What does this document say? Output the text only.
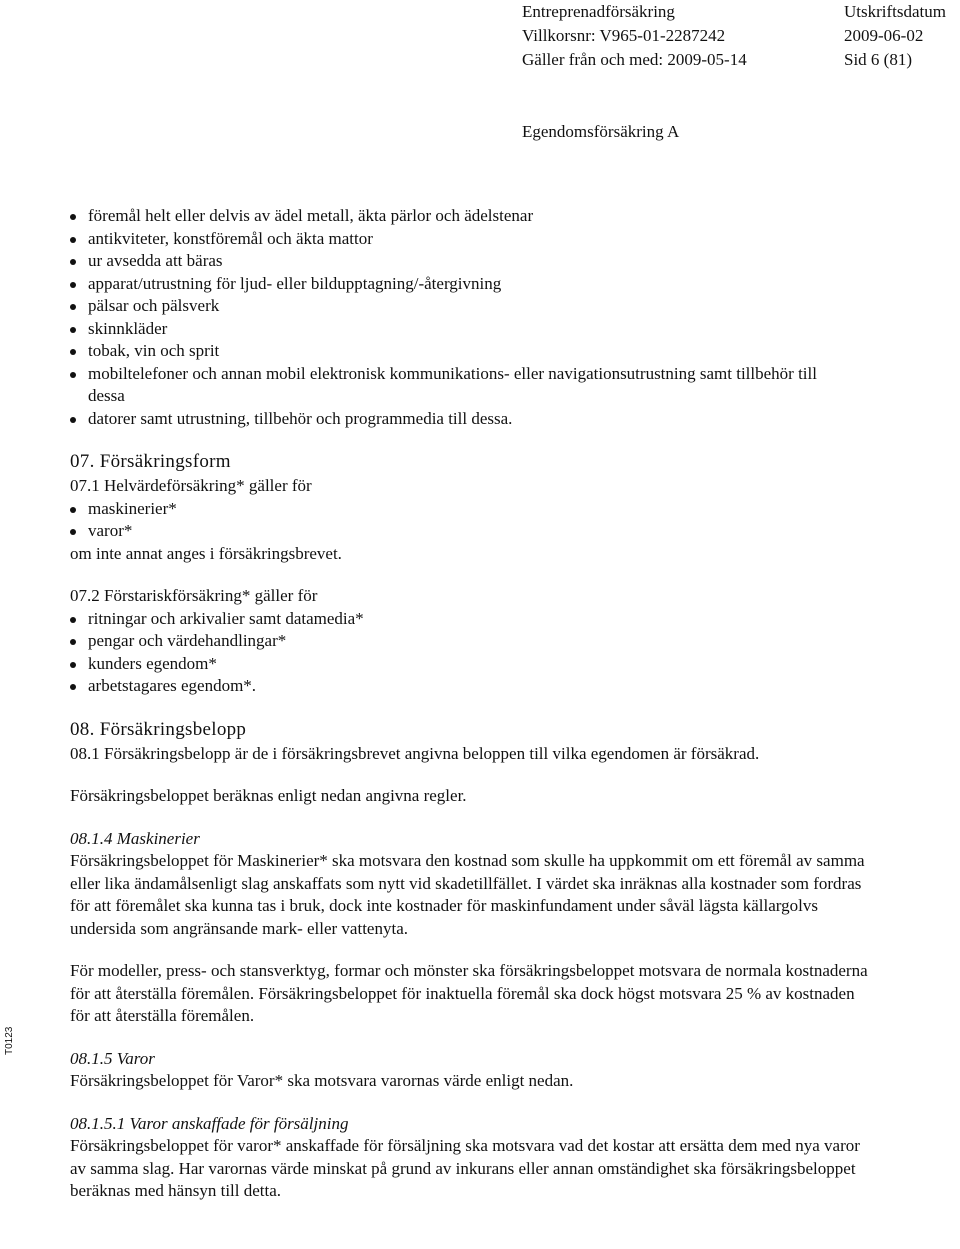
Entreprenadförsäkring	Utskriftsdatum
Villkorsnr: V965-01-2287242	2009-06-02
Gäller från och med: 2009-05-14	Sid 6 (81)
Egendomsförsäkring A
föremål helt eller delvis av ädel metall, äkta pärlor och ädelstenar
antikviteter, konstföremål och äkta mattor
ur avsedda att bäras
apparat/utrustning för ljud- eller bildupptagning/-återgivning
pälsar och pälsverk
skinnkläder
tobak, vin och sprit
mobiltelefoner och annan mobil elektronisk kommunikations- eller navigationsutrustning samt tillbehör till dessa
datorer samt utrustning, tillbehör och programmedia till dessa.
07. Försäkringsform

07.1 Helvärdeförsäkring* gäller för

maskinerier*
varor*

om inte annat anges i försäkringsbrevet.

07.2 Förstariskförsäkring* gäller för

ritningar och arkivalier samt datamedia*
pengar och värdehandlingar*
kunders egendom*
arbetstagares egendom*.
08. Försäkringsbelopp

08.1 Försäkringsbelopp är de i försäkringsbrevet angivna beloppen till vilka egendomen är försäkrad.

Försäkringsbeloppet beräknas enligt nedan angivna regler.

08.1.4 Maskinerier

Försäkringsbeloppet för Maskinerier* ska motsvara den kostnad som skulle ha uppkommit om ett föremål av samma eller lika ändamålsenligt slag anskaffats som nytt vid skadetillfället. I värdet ska inräknas alla kostnader som fordras för att föremålet ska kunna tas i bruk, dock inte kostnader för maskinfundament under såväl lägsta källargolvs undersida som angränsande mark- eller vattenyta.

För modeller, press- och stansverktyg, formar och mönster ska försäkringsbeloppet motsvara de normala kostnaderna för att återställa föremålen. Försäkringsbeloppet för inaktuella föremål ska dock högst motsvara 25 % av kostnaden för att återställa föremålen.

08.1.5 Varor

Försäkringsbeloppet för Varor* ska motsvara varornas värde enligt nedan.

08.1.5.1 Varor anskaffade för försäljning

Försäkringsbeloppet för varor* anskaffade för försäljning ska motsvara vad det kostar att ersätta dem med nya varor av samma slag. Har varornas värde minskat på grund av inkurans eller annan omständighet ska försäkringsbeloppet beräknas med hänsyn till detta.

T0123
